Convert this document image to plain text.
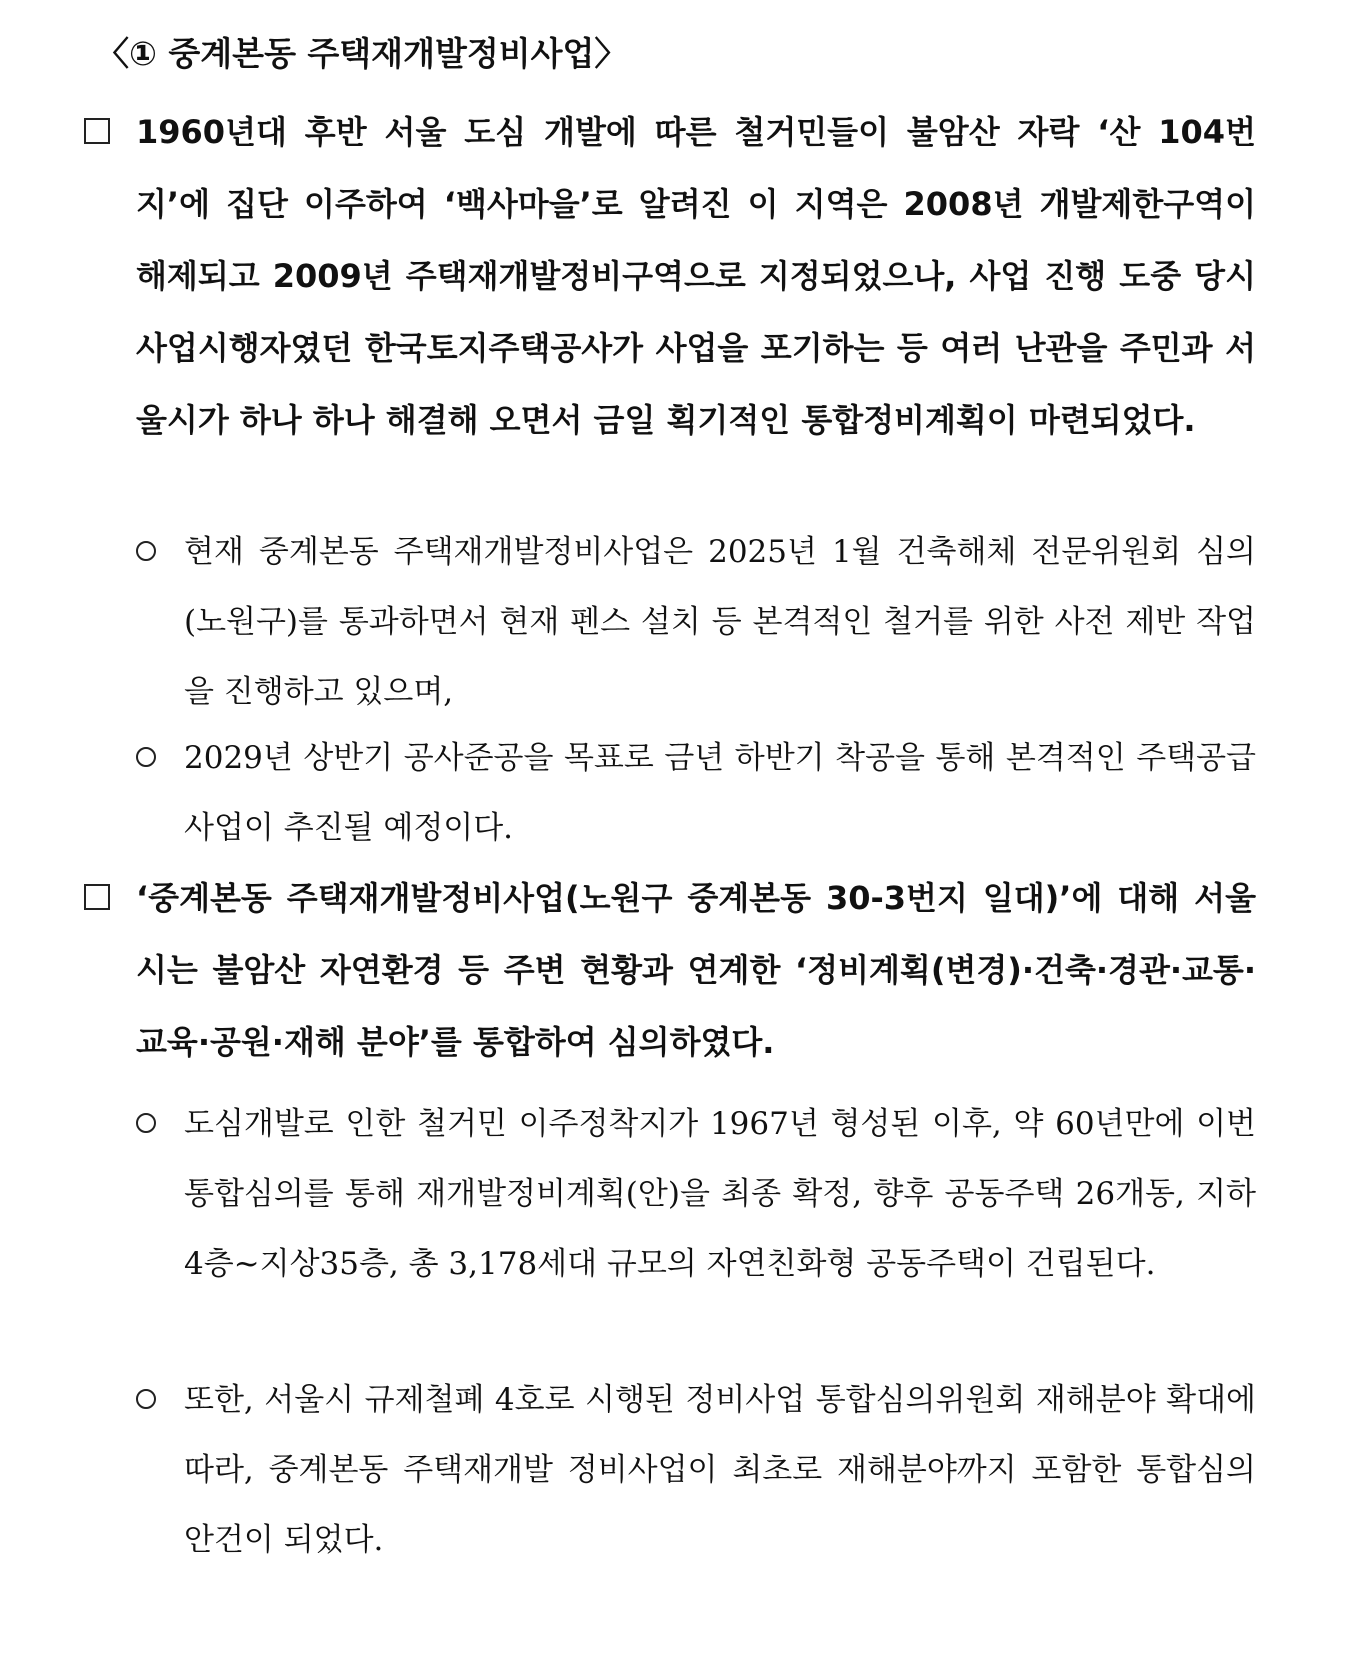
〈① 중계본동 주택재개발정비사업〉
1960년대 후반 서울 도심 개발에 따른 철거민들이 불암산 자락 ‘산 104번지’에 집단 이주하여 ‘백사마을’로 알려진 이 지역은 2008년 개발제한구역이 해제되고 2009년 주택재개발정비구역으로 지정되었으나, 사업 진행 도중 당시 사업시행자였던 한국토지주택공사가 사업을 포기하는 등 여러 난관을 주민과 서울시가 하나 하나 해결해 오면서 금일 획기적인 통합정비계획이 마련되었다.
현재 중계본동 주택재개발정비사업은 2025년 1월 건축해체 전문위원회 심의(노원구)를 통과하면서 현재 펜스 설치 등 본격적인 철거를 위한 사전 제반 작업을 진행하고 있으며,
2029년 상반기 공사준공을 목표로 금년 하반기 착공을 통해 본격적인 주택공급 사업이 추진될 예정이다.
‘중계본동 주택재개발정비사업(노원구 중계본동 30-3번지 일대)’에 대해 서울시는 불암산 자연환경 등 주변 현황과 연계한 ‘정비계획(변경)·건축·경관·교통·교육·공원·재해 분야’를 통합하여 심의하였다.
도심개발로 인한 철거민 이주정착지가 1967년 형성된 이후, 약 60년만에 이번 통합심의를 통해 재개발정비계획(안)을 최종 확정, 향후 공동주택 26개동, 지하4층~지상35층, 총 3,178세대 규모의 자연친화형 공동주택이 건립된다.
또한, 서울시 규제철폐 4호로 시행된 정비사업 통합심의위원회 재해분야 확대에 따라, 중계본동 주택재개발 정비사업이 최초로 재해분야까지 포함한 통합심의 안건이 되었다.
